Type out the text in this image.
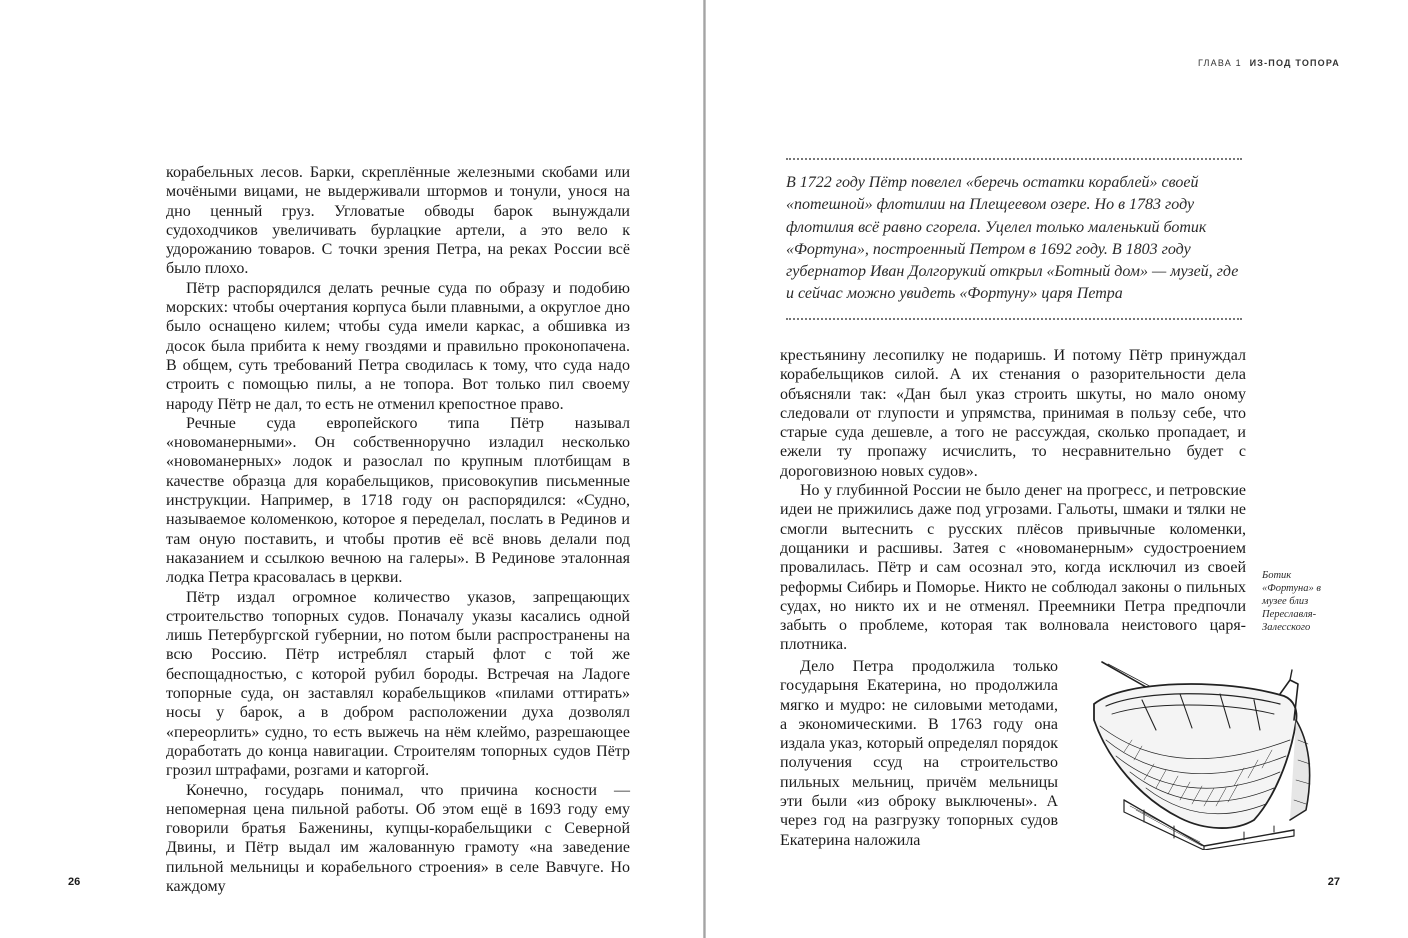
корабельных лесов. Барки, скреплённые железными скобами или мочёными вицами, не выдерживали штормов и тонули, унося на дно ценный груз. Угловатые обводы барок вынуждали судоходчиков увеличивать бурлацкие артели, а это вело к удорожанию товаров. С точки зрения Петра, на реках России всё было плохо.

Пётр распорядился делать речные суда по образу и подобию морских: чтобы очертания корпуса были плавными, а округлое дно было оснащено килем; чтобы суда имели каркас, а обшивка из досок была прибита к нему гвоздями и правильно проконопачена. В общем, суть требований Петра сводилась к тому, что суда надо строить с помощью пилы, а не топора. Вот только пил своему народу Пётр не дал, то есть не отменил крепостное право.

Речные суда европейского типа Пётр называл «новоманерными». Он собственноручно изладил несколько «новоманерных» лодок и разослал по крупным плотбищам в качестве образца для корабельщиков, присовокупив письменные инструкции. Например, в 1718 году он распорядился: «Судно, называемое коломенкою, которое я переделал, послать в Рединов и там оную поставить, и чтобы против её всё вновь делали под наказанием и ссылкою вечною на галеры». В Рединове эталонная лодка Петра красовалась в церкви.

Пётр издал огромное количество указов, запрещающих строительство топорных судов. Поначалу указы касались одной лишь Петербургской губернии, но потом были распространены на всю Россию. Пётр истреблял старый флот с той же беспощадностью, с которой рубил бороды. Встречая на Ладоге топорные суда, он заставлял корабельщиков «пилами оттирать» носы у барок, а в добром расположении духа дозволял «переорлить» судно, то есть выжечь на нём клеймо, разрешающее доработать до конца навигации. Строителям топорных судов Пётр грозил штрафами, розгами и каторгой.

Конечно, государь понимал, что причина косности — непомерная цена пильной работы. Об этом ещё в 1693 году ему говорили братья Баженины, купцы-корабельщики с Северной Двины, и Пётр выдал им жалованную грамоту «на заведение пильной мельницы и корабельного строения» в селе Вавчуге. Но каждому

26
ГЛАВА 1 ИЗ-ПОД ТОПОРА

В 1722 году Пётр повелел «беречь остатки кораблей» своей «потешной» флотилии на Плещеевом озере. Но в 1783 году флотилия всё равно сгорела. Уцелел только маленький ботик «Фортуна», построенный Петром в 1692 году. В 1803 году губернатор Иван Долгорукий открыл «Ботный дом» — музей, где и сейчас можно увидеть «Фортуну» царя Петра

крестьянину лесопилку не подаришь. И потому Пётр принуждал корабельщиков силой. А их стенания о разорительности дела объясняли так: «Дан был указ строить шкуты, но мало оному следовали от глупости и упрямства, принимая в пользу себе, что старые суда дешевле, а того не рассуждая, сколько пропадает, и ежели ту пропажу исчислить, то несравнительно будет с дороговизною новых судов».

Но у глубинной России не было денег на прогресс, и петровские идеи не прижились даже под угрозами. Гальоты, шмаки и тялки не смогли вытеснить с русских плёсов привычные коломенки, дощаники и расшивы. Затея с «новоманерным» судостроением провалилась. Пётр и сам осознал это, когда исключил из своей реформы Сибирь и Поморье. Никто не соблюдал законы о пильных судах, но никто их и не отменял. Преемники Петра предпочли забыть о проблеме, которая так волновала неистового царя-плотника.

Дело Петра продолжила только государыня Екатерина, но продолжила мягко и мудро: не силовыми методами, а экономическими. В 1763 году она издала указ, который определял порядок получения ссуд на строительство пильных мельниц, причём мельницы эти были «из оброку выключены». А через год на разгрузку топорных судов Екатерина наложила

Ботик «Фортуна» в музее близ Переславля-Залесского
27
